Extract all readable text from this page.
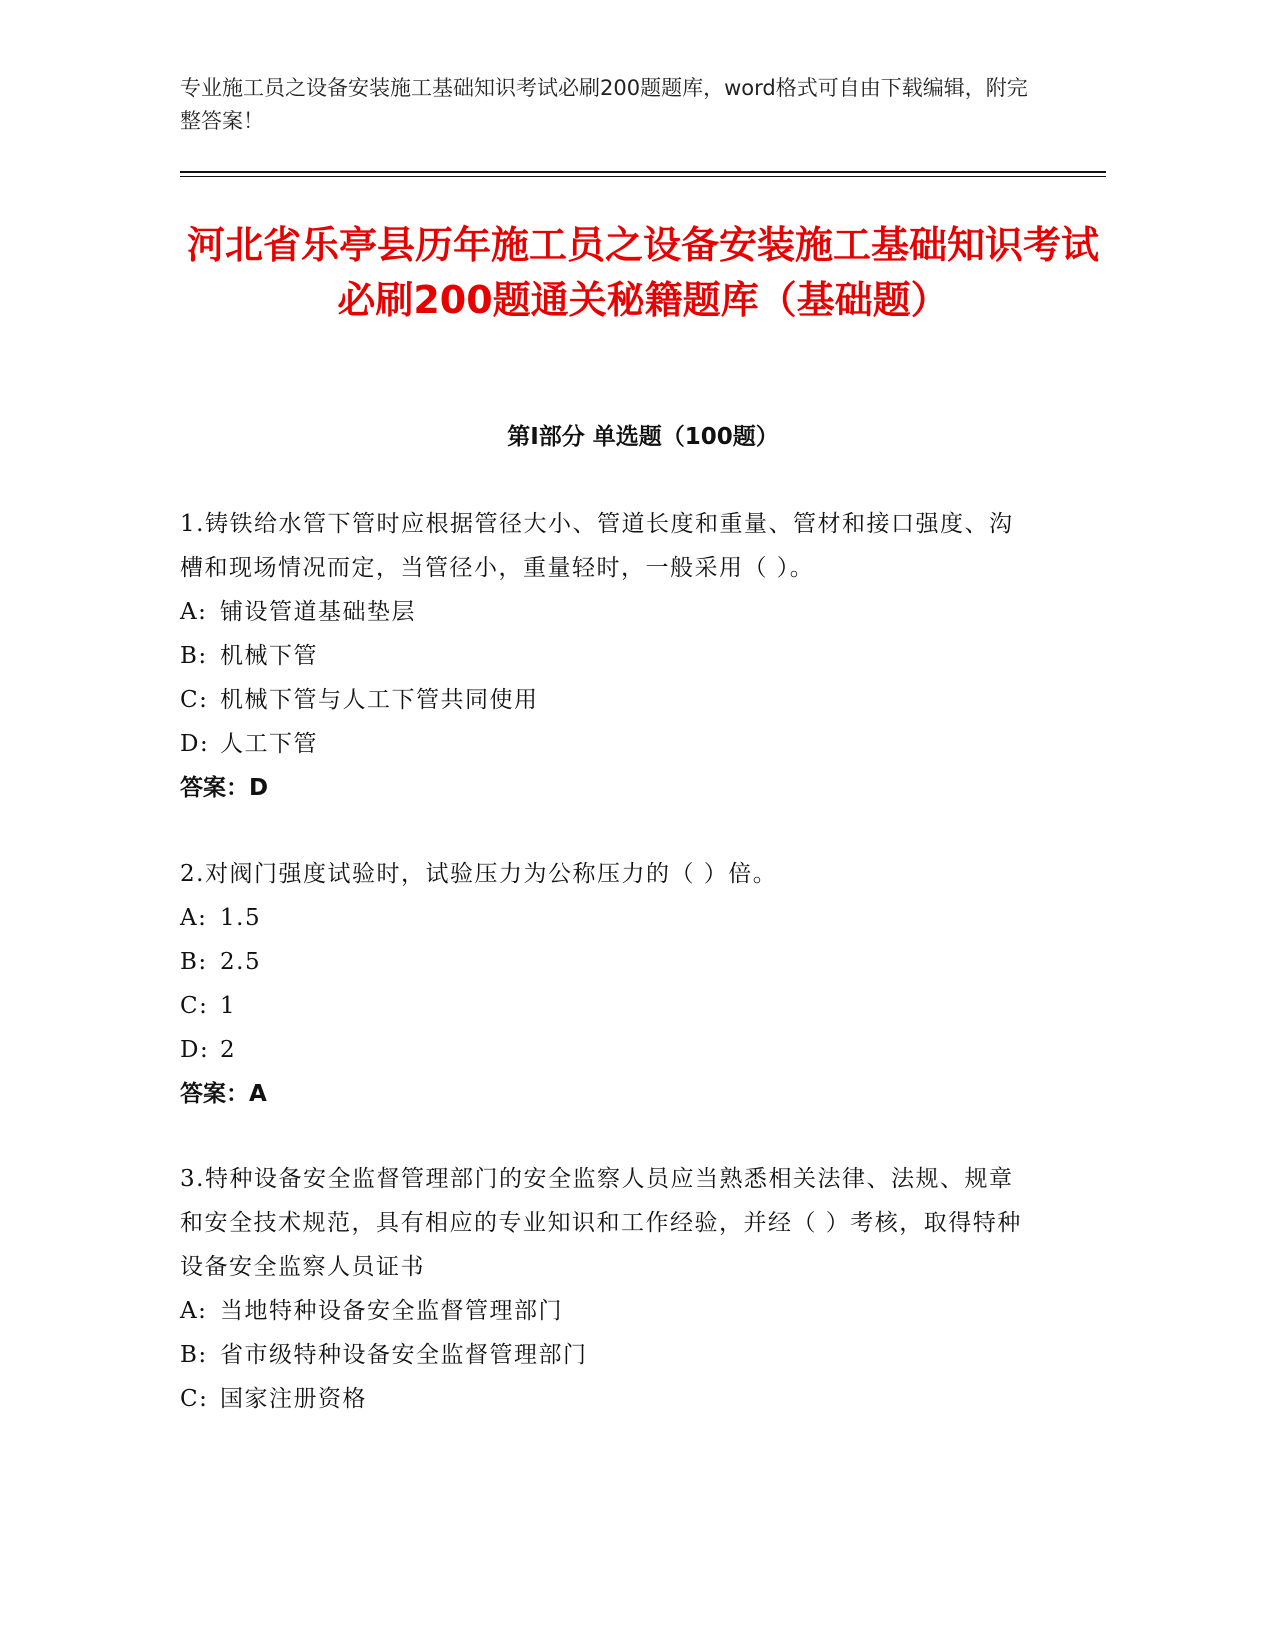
专业施工员之设备安装施工基础知识考试必刷200题题库，word格式可自由下载编辑，附完整答案！
河北省乐亭县历年施工员之设备安装施工基础知识考试必刷200题通关秘籍题库（基础题）
第Ⅰ部分 单选题（100题）
1.铸铁给水管下管时应根据管径大小、管道长度和重量、管材和接口强度、沟槽和现场情况而定，当管径小，重量轻时，一般采用（ ）。
A: 铺设管道基础垫层
B: 机械下管
C: 机械下管与人工下管共同使用
D: 人工下管
答案：D
2.对阀门强度试验时，试验压力为公称压力的（ ）倍。
A: 1.5
B: 2.5
C: 1
D: 2
答案：A
3.特种设备安全监督管理部门的安全监察人员应当熟悉相关法律、法规、规章和安全技术规范，具有相应的专业知识和工作经验，并经（ ）考核，取得特种设备安全监察人员证书
A: 当地特种设备安全监督管理部门
B: 省市级特种设备安全监督管理部门
C: 国家注册资格
